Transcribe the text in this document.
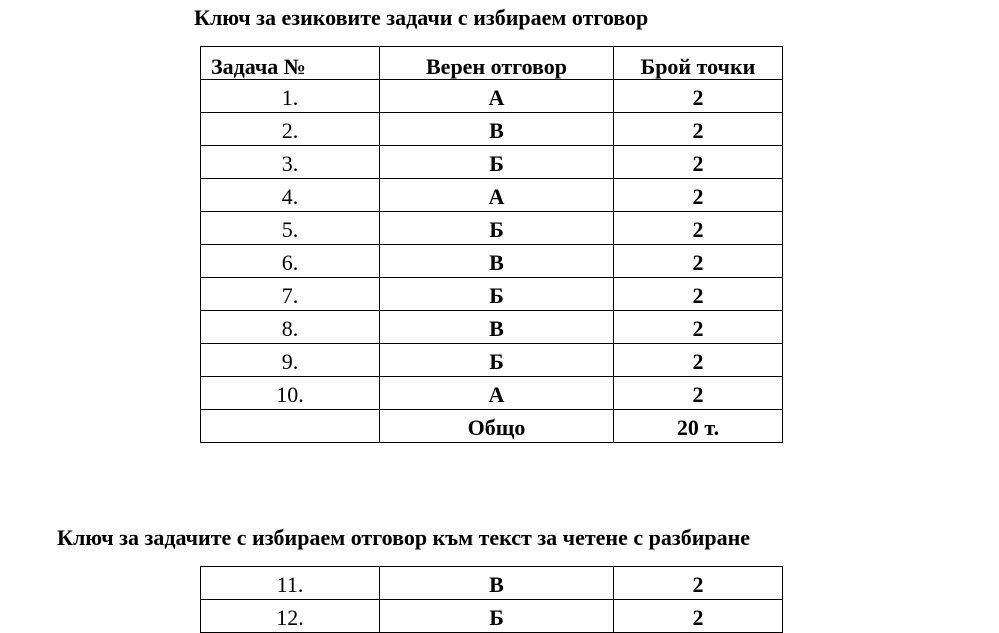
Ключ за езиковите задачи с избираем отговор
Задача №	Верен отговор	Брой точки
1.	А	2
2.	В	2
3.	Б	2
4.	А	2
5.	Б	2
6.	В	2
7.	Б	2
8.	В	2
9.	Б	2
10.	А	2
	Общо	20 т.
Ключ за задачите с избираем отговор към текст за четене с разбиране
11.	В	2
12.	Б	2
